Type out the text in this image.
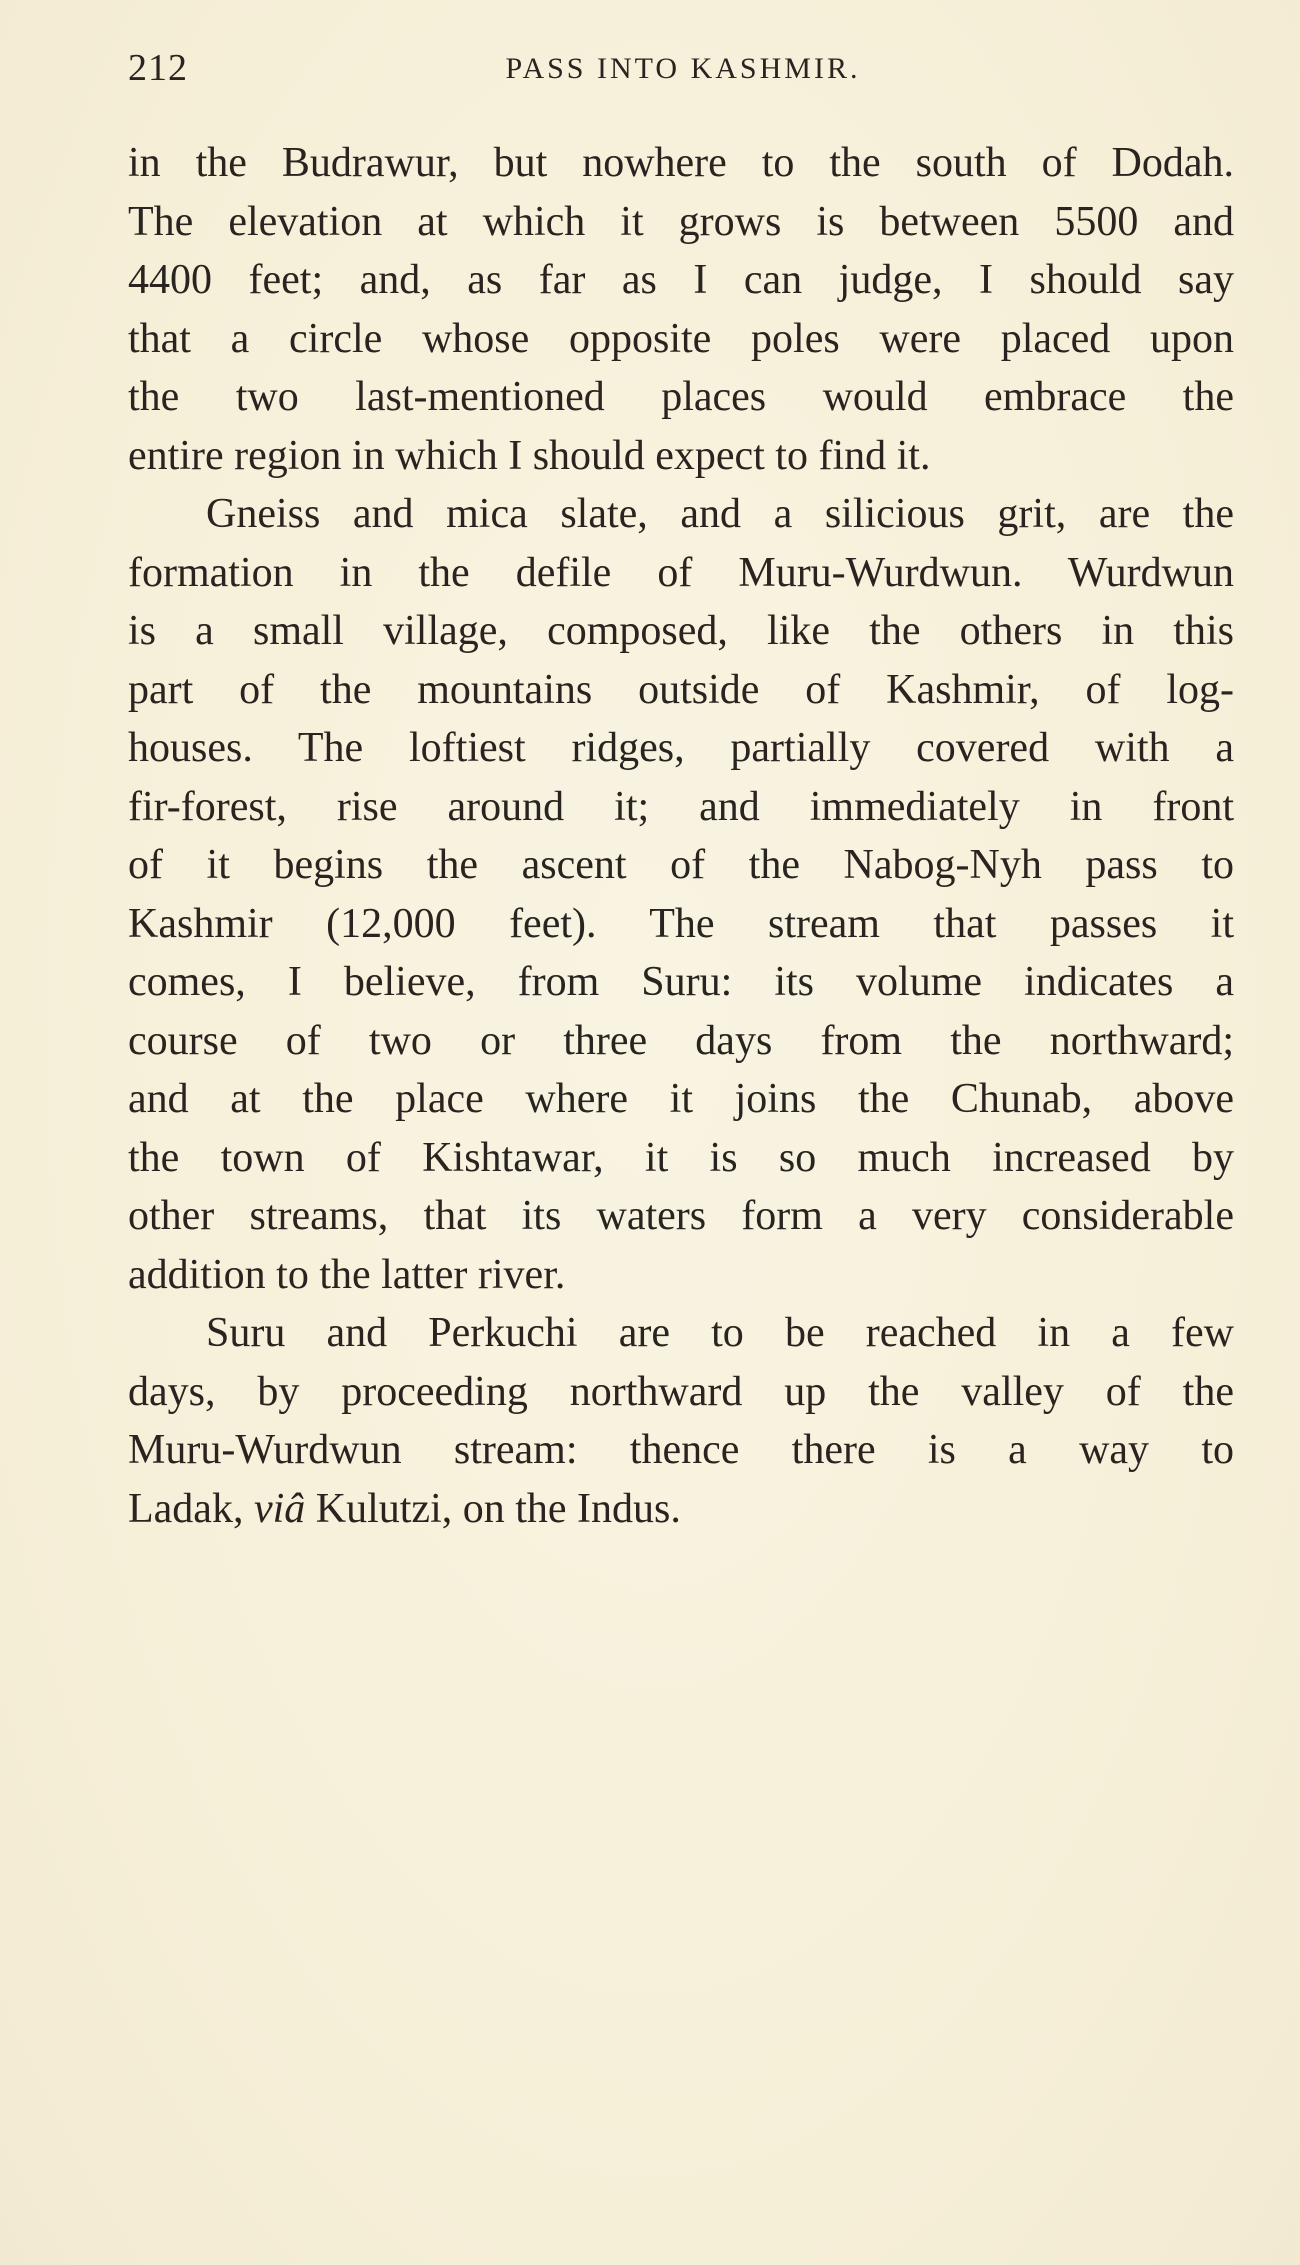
212	PASS INTO KASHMIR.
in the Budrawur, but nowhere to the south of Dodah.
The elevation at which it grows is between 5500 and
4400 feet; and, as far as I can judge, I should say
that a circle whose opposite poles were placed upon
the two last-mentioned places would embrace the
entire region in which I should expect to find it.
Gneiss and mica slate, and a silicious grit, are the
formation in the defile of Muru-Wurdwun. Wurdwun
is a small village, composed, like the others in this
part of the mountains outside of Kashmir, of log-
houses. The loftiest ridges, partially covered with a
fir-forest, rise around it; and immediately in front
of it begins the ascent of the Nabog-Nyh pass to
Kashmir (12,000 feet). The stream that passes it
comes, I believe, from Suru: its volume indicates a
course of two or three days from the northward;
and at the place where it joins the Chunab, above
the town of Kishtawar, it is so much increased by
other streams, that its waters form a very considerable
addition to the latter river.
Suru and Perkuchi are to be reached in a few
days, by proceeding northward up the valley of the
Muru-Wurdwun stream: thence there is a way to
Ladak, viâ Kulutzi, on the Indus.
